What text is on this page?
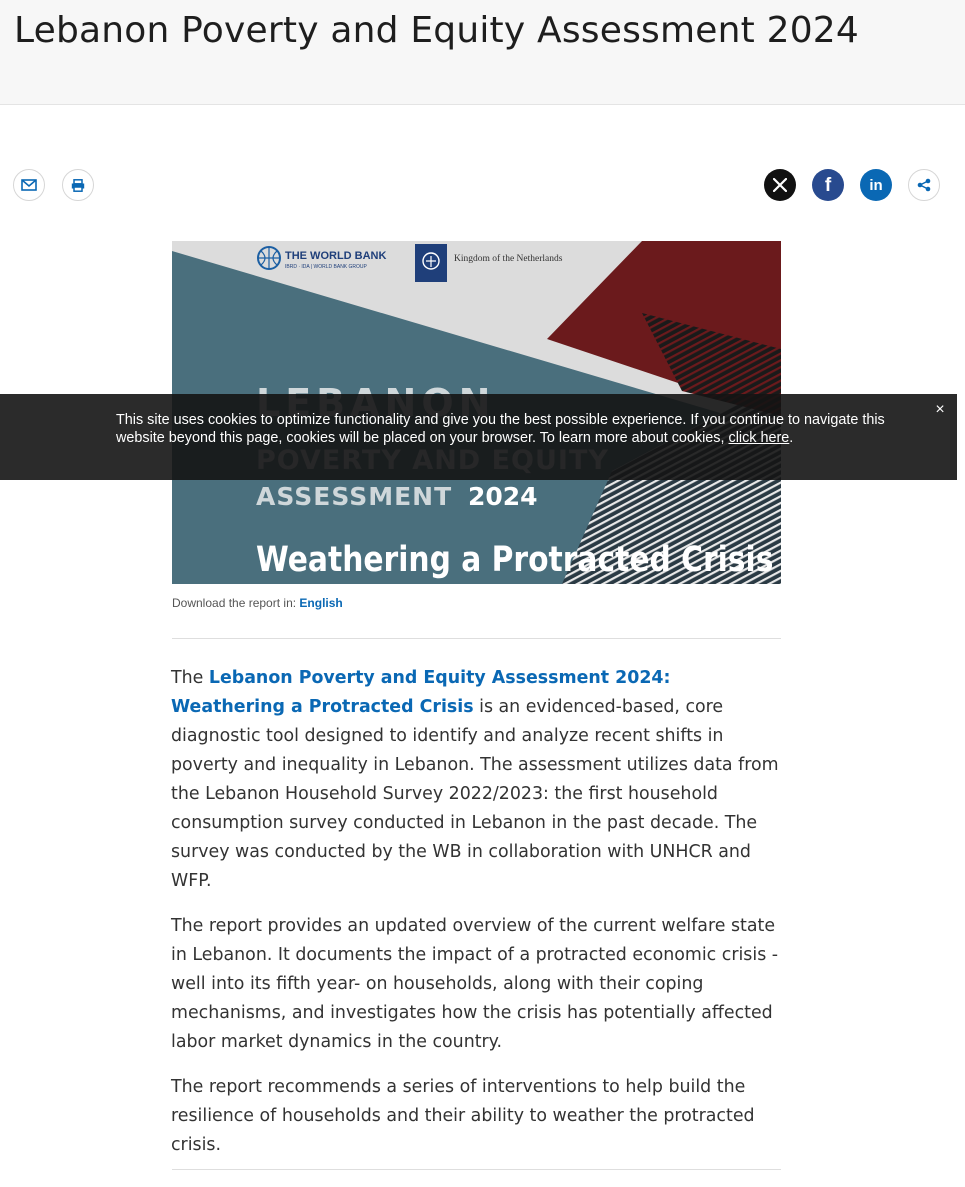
Lebanon Poverty and Equity Assessment 2024
f	in
THE WORLD BANK
IBRD · IDA | WORLD BANK GROUP
Kingdom of the Netherlands
ASSESSMENT 2024
Weathering a Protracted Crisis
Download the report in: English

The Lebanon Poverty and Equity Assessment 2024: Weathering a Protracted Crisis is an evidenced-based, core diagnostic tool designed to identify and analyze recent shifts in poverty and inequality in Lebanon. The assessment utilizes data from the Lebanon Household Survey 2022/2023: the first household consumption survey conducted in Lebanon in the past decade. The survey was conducted by the WB in collaboration with UNHCR and WFP.

The report provides an updated overview of the current welfare state in Lebanon. It documents the impact of a protracted economic crisis -well into its fifth year- on households, along with their coping mechanisms, and investigates how the crisis has potentially affected labor market dynamics in the country.

The report recommends a series of interventions to help build the resilience of households and their ability to weather the protracted crisis.

This site uses cookies to optimize functionality and give you the best possible experience. If you continue to navigate this website beyond this page, cookies will be placed on your browser. To learn more about cookies, click here.
×
